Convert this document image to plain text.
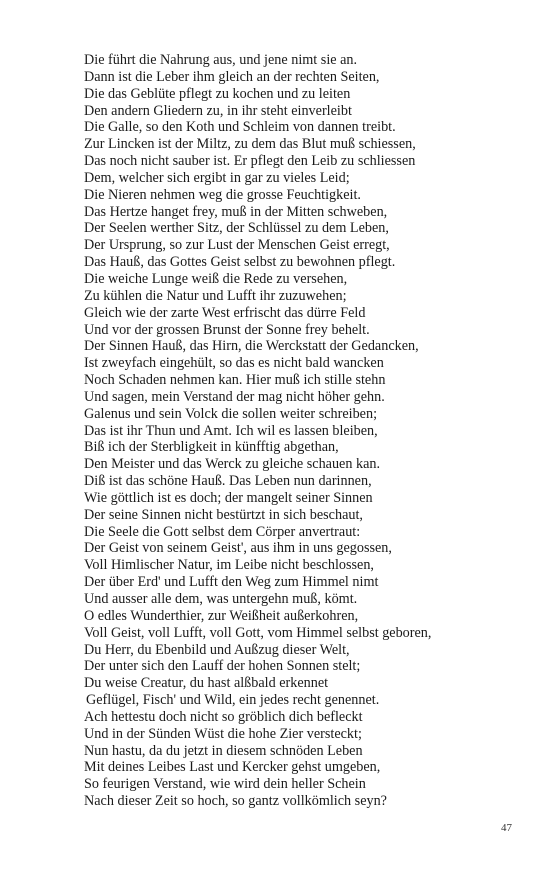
Die führt die Nahrung aus, und jene nimt sie an.
Dann ist die Leber ihm gleich an der rechten Seiten,
Die das Geblüte pflegt zu kochen und zu leiten
Den andern Gliedern zu, in ihr steht einverleibt
Die Galle, so den Koth und Schleim von dannen treibt.
Zur Lincken ist der Miltz, zu dem das Blut muß schiessen,
Das noch nicht sauber ist. Er pflegt den Leib zu schliessen
Dem, welcher sich ergibt in gar zu vieles Leid;
Die Nieren nehmen weg die grosse Feuchtigkeit.
Das Hertze hanget frey, muß in der Mitten schweben,
Der Seelen werther Sitz, der Schlüssel zu dem Leben,
Der Ursprung, so zur Lust der Menschen Geist erregt,
Das Hauß, das Gottes Geist selbst zu bewohnen pflegt.
Die weiche Lunge weiß die Rede zu versehen,
Zu kühlen die Natur und Lufft ihr zuzuwehen;
Gleich wie der zarte West erfrischt das dürre Feld
Und vor der grossen Brunst der Sonne frey behelt.
Der Sinnen Hauß, das Hirn, die Werckstatt der Gedancken,
Ist zweyfach eingehült, so das es nicht bald wancken
Noch Schaden nehmen kan. Hier muß ich stille stehn
Und sagen, mein Verstand der mag nicht höher gehn.
Galenus und sein Volck die sollen weiter schreiben;
Das ist ihr Thun und Amt. Ich wil es lassen bleiben,
Biß ich der Sterbligkeit in künfftig abgethan,
Den Meister und das Werck zu gleiche schauen kan.
Diß ist das schöne Hauß. Das Leben nun darinnen,
Wie göttlich ist es doch; der mangelt seiner Sinnen
Der seine Sinnen nicht bestürtzt in sich beschaut,
Die Seele die Gott selbst dem Cörper anvertraut:
Der Geist von seinem Geist', aus ihm in uns gegossen,
Voll Himlischer Natur, im Leibe nicht beschlossen,
Der über Erd' und Lufft den Weg zum Himmel nimt
Und ausser alle dem, was untergehn muß, kömt.
O edles Wunderthier, zur Weißheit außerkohren,
Voll Geist, voll Lufft, voll Gott, vom Himmel selbst geboren,
Du Herr, du Ebenbild und Außzug dieser Welt,
Der unter sich den Lauff der hohen Sonnen stelt;
Du weise Creatur, du hast alßbald erkennet
Geflügel, Fisch' und Wild, ein jedes recht genennet.
Ach hettestu doch nicht so gröblich dich befleckt
Und in der Sünden Wüst die hohe Zier versteckt;
Nun hastu, da du jetzt in diesem schnöden Leben
Mit deines Leibes Last und Kercker gehst umgeben,
So feurigen Verstand, wie wird dein heller Schein
Nach dieser Zeit so hoch, so gantz vollkömlich seyn?
47
